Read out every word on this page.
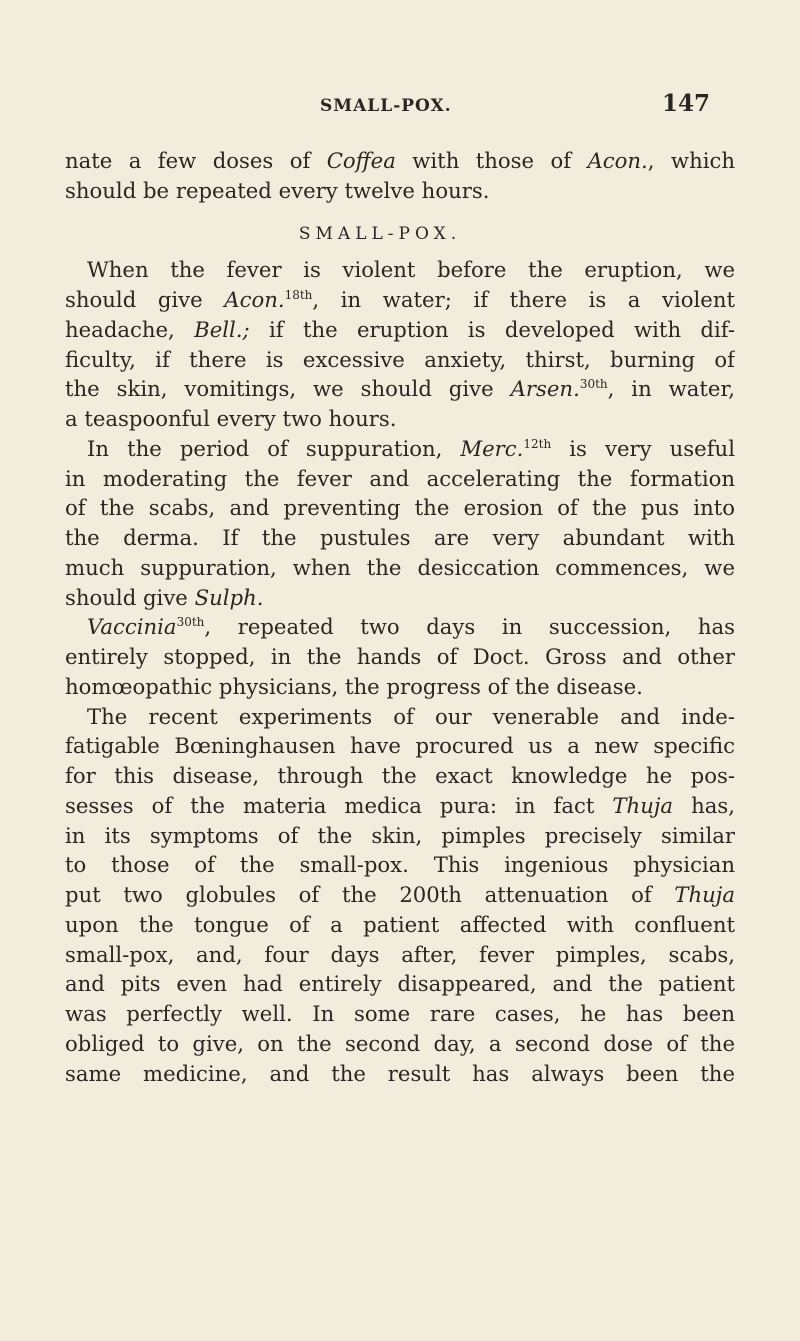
SMALL-POX.	147
nate a few doses of Coffea with those of Acon., which
should be repeated every twelve hours.
SMALL-POX.
When the fever is violent before the eruption, we
should give Acon.$^{18th}$, in water; if there is a violent
headache, Bell.; if the eruption is developed with dif-
ficulty, if there is excessive anxiety, thirst, burning of
the skin, vomitings, we should give Arsen.$^{30th}$, in water,
a teaspoonful every two hours.
In the period of suppuration, Merc.$^{12th}$ is very useful
in moderating the fever and accelerating the formation
of the scabs, and preventing the erosion of the pus into
the derma. If the pustules are very abundant with
much suppuration, when the desiccation commences, we
should give Sulph.
Vaccinia$^{30th}$, repeated two days in succession, has
entirely stopped, in the hands of Doct. Gross and other
homœopathic physicians, the progress of the disease.
The recent experiments of our venerable and inde-
fatigable Bœninghausen have procured us a new specific
for this disease, through the exact knowledge he pos-
sesses of the materia medica pura: in fact Thuja has,
in its symptoms of the skin, pimples precisely similar
to those of the small-pox. This ingenious physician
put two globules of the 200th attenuation of Thuja
upon the tongue of a patient affected with confluent
small-pox, and, four days after, fever pimples, scabs,
and pits even had entirely disappeared, and the patient
was perfectly well. In some rare cases, he has been
obliged to give, on the second day, a second dose of the
same medicine, and the result has always been the
